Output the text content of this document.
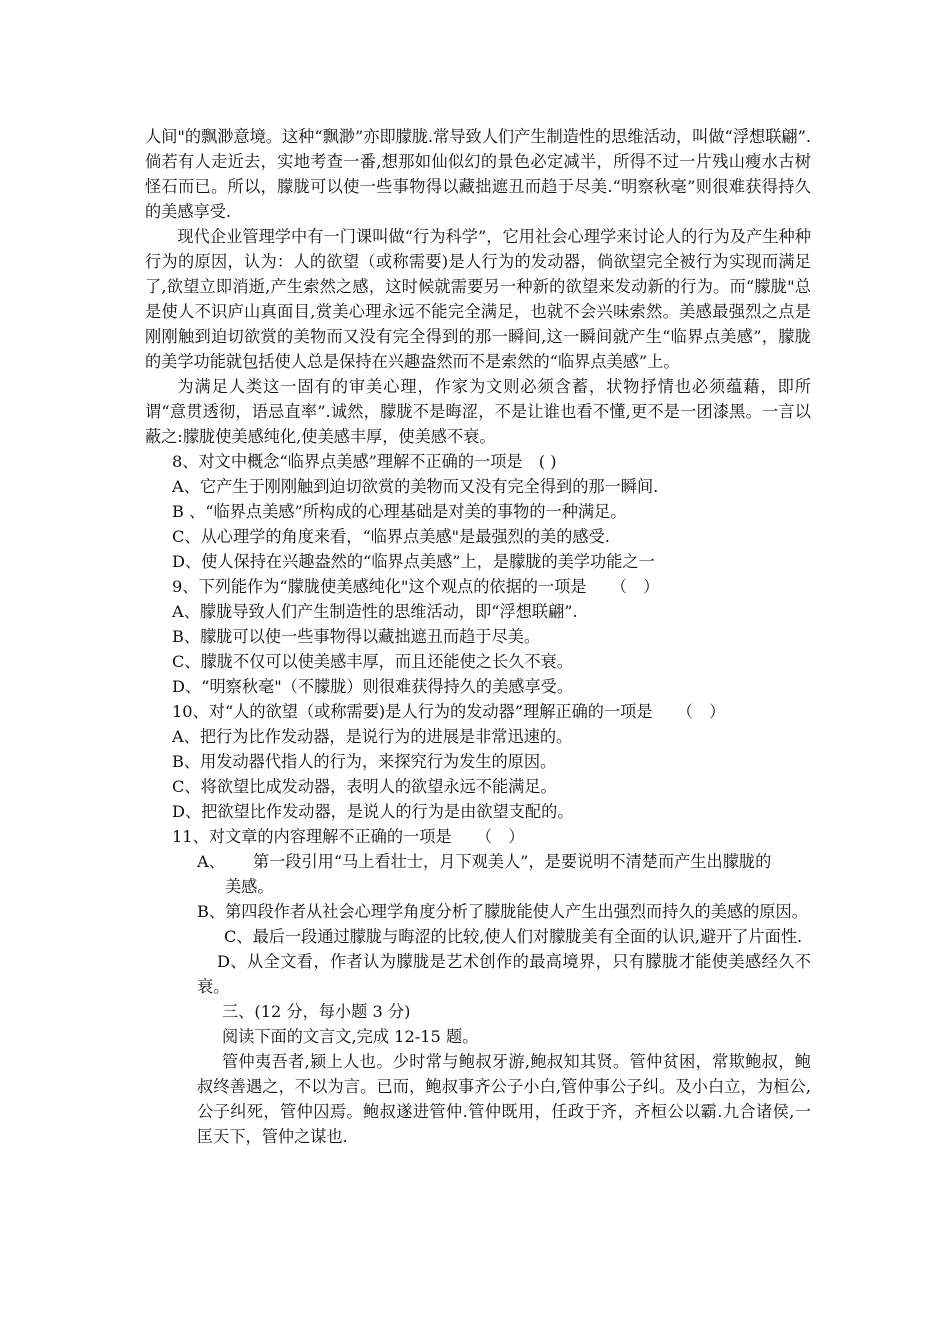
人间"的飘渺意境。这种“飘渺”亦即朦胧.常导致人们产生制造性的思维活动，叫做“浮想联翩”.倘若有人走近去，实地考查一番,想那如仙似幻的景色必定减半，所得不过一片残山瘦水古树怪石而已。所以，朦胧可以使一些事物得以藏拙遮丑而趋于尽美.“明察秋毫”则很难获得持久的美感享受.

现代企业管理学中有一门课叫做“行为科学”，它用社会心理学来讨论人的行为及产生种种行为的原因，认为：人的欲望（或称需要)是人行为的发动器，倘欲望完全被行为实现而满足了,欲望立即消逝,产生索然之感，这时候就需要另一种新的欲望来发动新的行为。而“朦胧"总是使人不识庐山真面目,赏美心理永远不能完全满足，也就不会兴味索然。美感最强烈之点是刚刚触到迫切欲赏的美物而又没有完全得到的那一瞬间,这一瞬间就产生“临界点美感”，朦胧的美学功能就包括使人总是保持在兴趣盎然而不是索然的“临界点美感”上。

为满足人类这一固有的审美心理，作家为文则必须含蓄，状物抒情也必须蕴藉，即所谓“意贯透彻，语忌直率”.诚然，朦胧不是晦涩，不是让谁也看不懂,更不是一团漆黑。一言以蔽之:朦胧使美感纯化,使美感丰厚，使美感不衰。

8、对文中概念“临界点美感”理解不正确的一项是　( )

A、它产生于刚刚触到迫切欲赏的美物而又没有完全得到的那一瞬间.

B 、“临界点美感”所构成的心理基础是对美的事物的一种满足。

C、从心理学的角度来看，“临界点美感"是最强烈的美的感受.

D、使人保持在兴趣盎然的“临界点美感”上，是朦胧的美学功能之一

9、下列能作为“朦胧使美感纯化"这个观点的依据的一项是　　（　）

A、朦胧导致人们产生制造性的思维活动，即“浮想联翩”.

B、朦胧可以使一些事物得以藏拙遮丑而趋于尽美。

C、朦胧不仅可以使美感丰厚，而且还能使之长久不衰。

D、“明察秋毫"（不朦胧）则很难获得持久的美感享受。

10、对“人的欲望（或称需要)是人行为的发动器”理解正确的一项是　　（　）

A、把行为比作发动器，是说行为的进展是非常迅速的。

B、用发动器代指人的行为，来探究行为发生的原因。

C、将欲望比成发动器，表明人的欲望永远不能满足。

D、把欲望比作发动器，是说人的行为是由欲望支配的。

11、对文章的内容理解不正确的一项是　　（　）

A、 第一段引用“马上看壮士，月下观美人”，是要说明不清楚而产生出朦胧的
美感。

B、第四段作者从社会心理学角度分析了朦胧能使人产生出强烈而持久的美感的原因。

C、最后一段通过朦胧与晦涩的比较,使人们对朦胧美有全面的认识,避开了片面性.

D、从全文看，作者认为朦胧是艺术创作的最高境界，只有朦胧才能使美感经久不衰。

三、(12 分，每小题 3 分)

阅读下面的文言文,完成 12-15 题。

管仲夷吾者,颍上人也。少时常与鲍叔牙游,鲍叔知其贤。管仲贫困，常欺鲍叔，鲍叔终善遇之，不以为言。已而，鲍叔事齐公子小白,管仲事公子纠。及小白立，为桓公,公子纠死，管仲囚焉。鲍叔遂进管仲.管仲既用，任政于齐，齐桓公以霸.九合诸侯,一匡天下，管仲之谋也.
